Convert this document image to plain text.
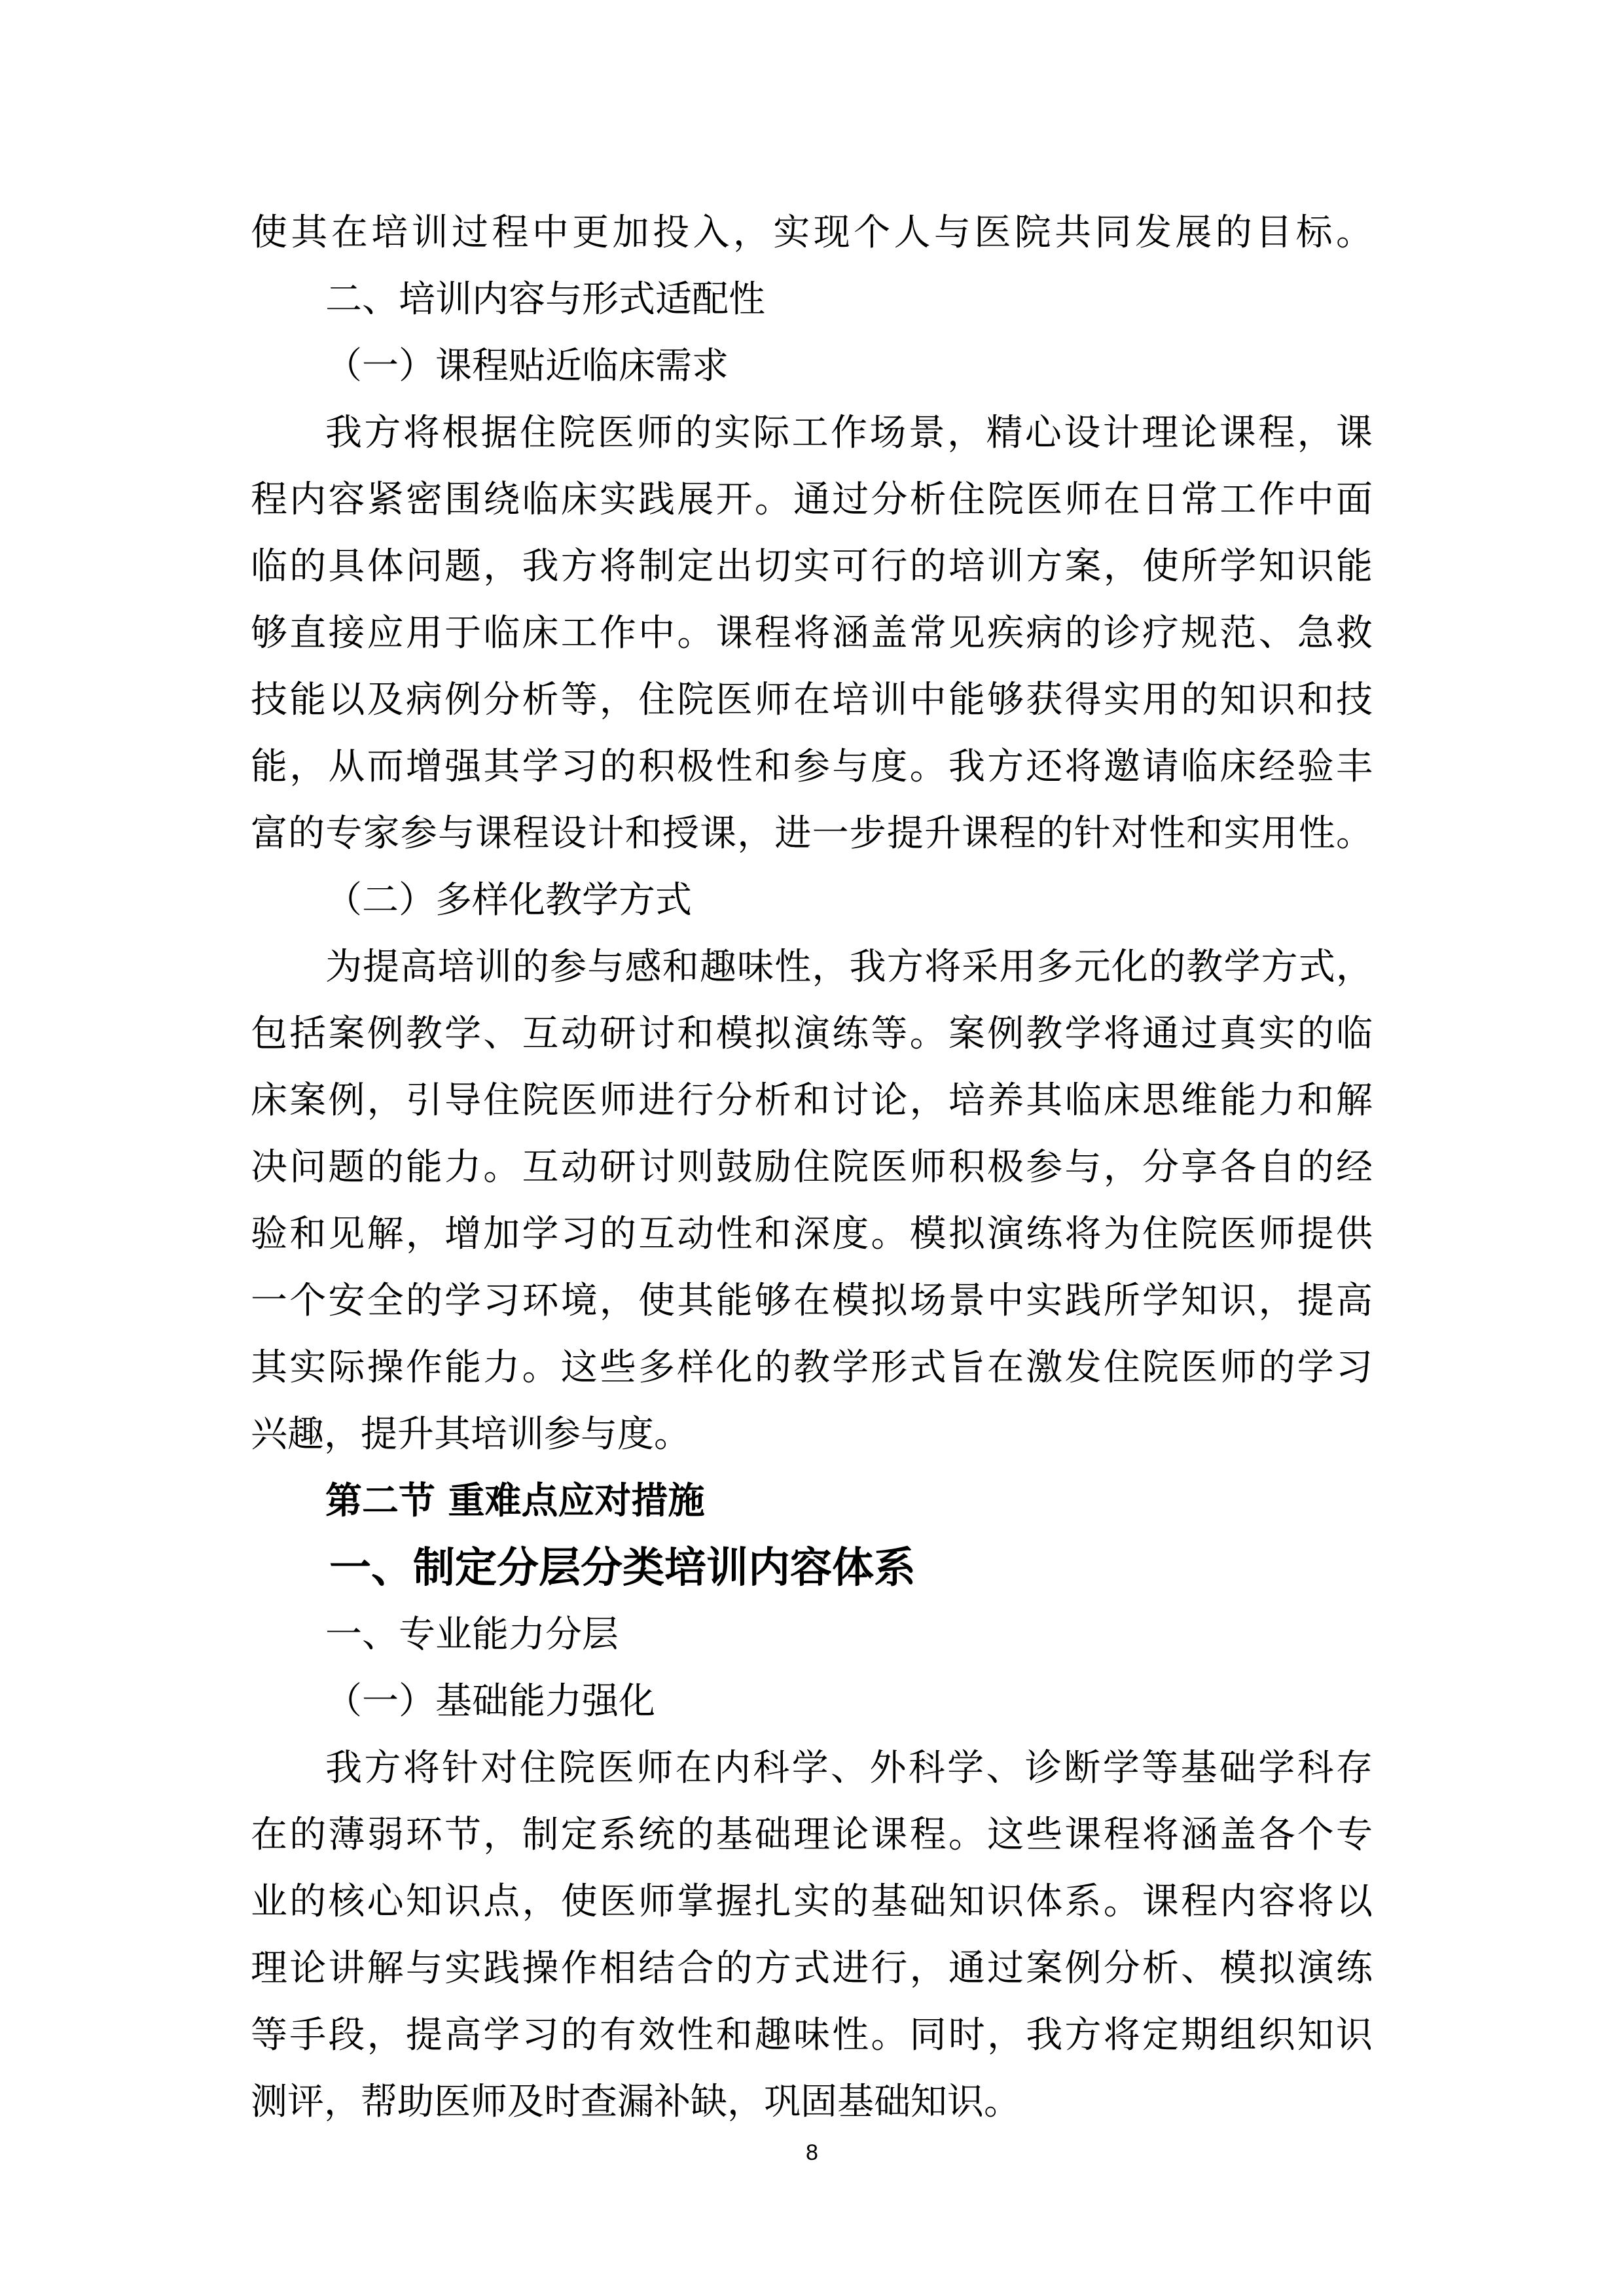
使其在培训过程中更加投入，实现个人与医院共同发展的目标。
二、培训内容与形式适配性
（一）课程贴近临床需求
我方将根据住院医师的实际工作场景，精心设计理论课程，课
程内容紧密围绕临床实践展开。通过分析住院医师在日常工作中面
临的具体问题，我方将制定出切实可行的培训方案，使所学知识能
够直接应用于临床工作中。课程将涵盖常见疾病的诊疗规范、急救
技能以及病例分析等，住院医师在培训中能够获得实用的知识和技
能，从而增强其学习的积极性和参与度。我方还将邀请临床经验丰
富的专家参与课程设计和授课，进一步提升课程的针对性和实用性。
（二）多样化教学方式
为提高培训的参与感和趣味性，我方将采用多元化的教学方式，
包括案例教学、互动研讨和模拟演练等。案例教学将通过真实的临
床案例，引导住院医师进行分析和讨论，培养其临床思维能力和解
决问题的能力。互动研讨则鼓励住院医师积极参与，分享各自的经
验和见解，增加学习的互动性和深度。模拟演练将为住院医师提供
一个安全的学习环境，使其能够在模拟场景中实践所学知识，提高
其实际操作能力。这些多样化的教学形式旨在激发住院医师的学习
兴趣，提升其培训参与度。
第二节 重难点应对措施
一、制定分层分类培训内容体系
一、专业能力分层
（一）基础能力强化
我方将针对住院医师在内科学、外科学、诊断学等基础学科存
在的薄弱环节，制定系统的基础理论课程。这些课程将涵盖各个专
业的核心知识点，使医师掌握扎实的基础知识体系。课程内容将以
理论讲解与实践操作相结合的方式进行，通过案例分析、模拟演练
等手段，提高学习的有效性和趣味性。同时，我方将定期组织知识
测评，帮助医师及时查漏补缺，巩固基础知识。
8
